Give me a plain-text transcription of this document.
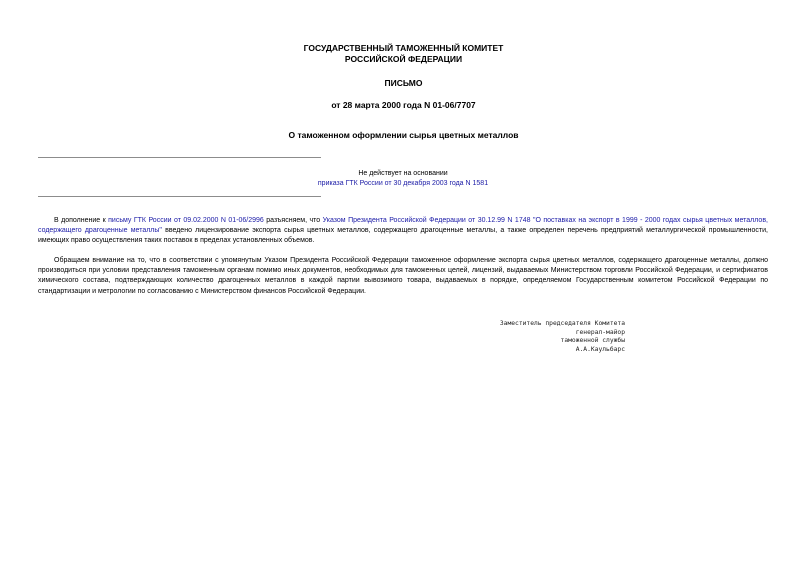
ГОСУДАРСТВЕННЫЙ ТАМОЖЕННЫЙ КОМИТЕТ
РОССИЙСКОЙ ФЕДЕРАЦИИ
ПИСЬМО
от 28 марта 2000 года N 01-06/7707
О таможенном оформлении сырья цветных металлов
Не действует на основании
приказа ГТК России от 30 декабря 2003 года N 1581
В дополнение к письму ГТК России от 09.02.2000 N 01-06/2996 разъясняем, что Указом Президента Российской Федерации от 30.12.99 N 1748 "О поставках на экспорт в 1999 - 2000 годах сырья цветных металлов, содержащего драгоценные металлы" введено лицензирование экспорта сырья цветных металлов, содержащего драгоценные металлы, а также определен перечень предприятий металлургической промышленности, имеющих право осуществления таких поставок в пределах установленных объемов.
Обращаем внимание на то, что в соответствии с упомянутым Указом Президента Российской Федерации таможенное оформление экспорта сырья цветных металлов, содержащего драгоценные металлы, должно производиться при условии представления таможенным органам помимо иных документов, необходимых для таможенных целей, лицензий, выдаваемых Министерством торговли Российской Федерации, и сертификатов химического состава, подтверждающих количество драгоценных металлов в каждой партии вывозимого товара, выдаваемых в порядке, определяемом Государственным комитетом Российской Федерации по стандартизации и метрологии по согласованию с Министерством финансов Российской Федерации.
Заместитель председателя Комитета
генерал-майор
таможенной службы
А.А.Каульбарс
